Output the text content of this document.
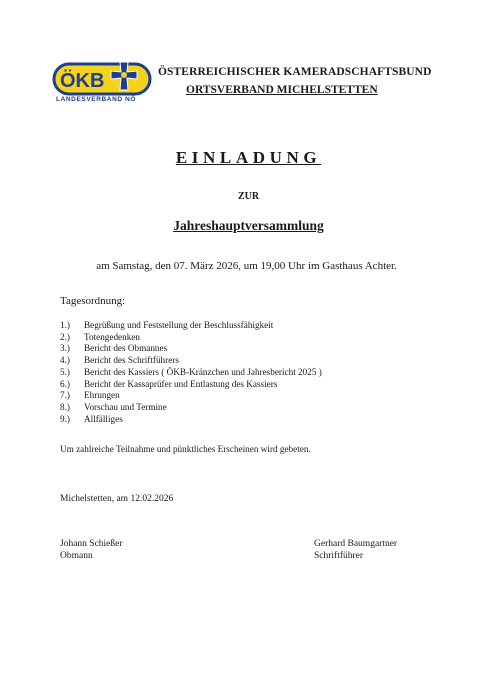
ÖKB
LANDESVERBAND NÖ
ÖSTERREICHISCHER KAMERADSCHAFTSBUND
ORTSVERBAND MICHELSTETTEN
EINLADUNG
ZUR
Jahreshauptversammlung
am Samstag, den 07. März 2026, um 19,00 Uhr im Gasthaus Achter.
Tagesordnung:
1.) Begrüßung und Feststellung der Beschlussfähigkeit
2.) Totengedenken
3.) Bericht des Obmannes
4.) Bericht des Schriftführers
5.) Bericht des Kassiers ( ÖKB-Kränzchen und Jahresbericht 2025 )
6.) Bericht der Kassaprüfer und Entlastung des Kassiers
7.) Ehrungen
8.) Vorschau und Termine
9.) Allfälliges
Um zahlreiche Teilnahme und pünktliches Erscheinen wird gebeten.
Michelstetten, am 12.02.2026
Johann Schießer
Obmann
Gerhard Baumgartner
Schriftführer
